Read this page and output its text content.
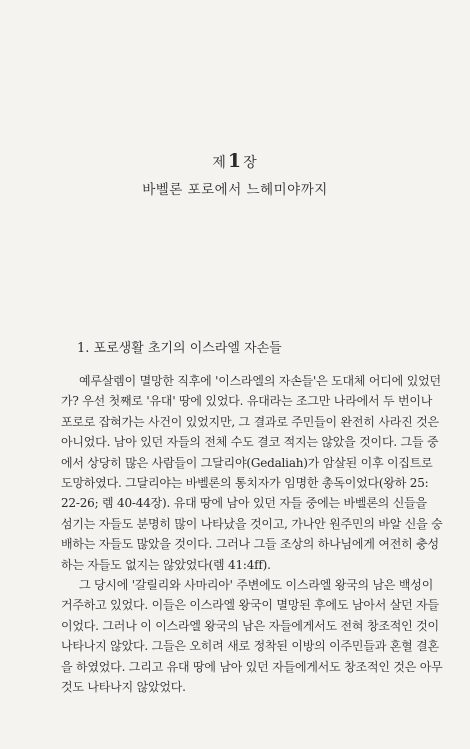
제1장
바벨론 포로에서 느헤미야까지
1. 포로생활 초기의 이스라엘 자손들

예루살렘이 멸망한 직후에 '이스라엘의 자손들'은 도대체 어디에 있었던
가? 우선 첫째로 '유대' 땅에 있었다. 유대라는 조그만 나라에서 두 번이나
포로로 잡혀가는 사건이 있었지만, 그 결과로 주민들이 완전히 사라진 것은
아니었다. 남아 있던 자들의 전체 수도 결코 적지는 않았을 것이다. 그들 중
에서 상당히 많은 사람들이 그달리야(Gedaliah)가 암살된 이후 이집트로
도망하였다. 그달리야는 바벨론의 통치자가 임명한 총독이었다(왕하 25:
22-26; 렘 40-44장). 유대 땅에 남아 있던 자들 중에는 바벨론의 신들을
섬기는 자들도 분명히 많이 나타났을 것이고, 가나안 원주민의 바알 신을 숭
배하는 자들도 많았을 것이다. 그러나 그들 조상의 하나님에게 여전히 충성
하는 자들도 없지는 않았었다(렘 41:4ff).

그 당시에 '갈릴리와 사마리아' 주변에도 이스라엘 왕국의 남은 백성이
거주하고 있었다. 이들은 이스라엘 왕국이 멸망된 후에도 남아서 살던 자들
이었다. 그러나 이 이스라엘 왕국의 남은 자들에게서도 전혀 창조적인 것이
나타나지 않았다. 그들은 오히려 새로 정착된 이방의 이주민들과 혼혈 결혼
을 하였었다. 그리고 유대 땅에 남아 있던 자들에게서도 창조적인 것은 아무
것도 나타나지 않았었다.
